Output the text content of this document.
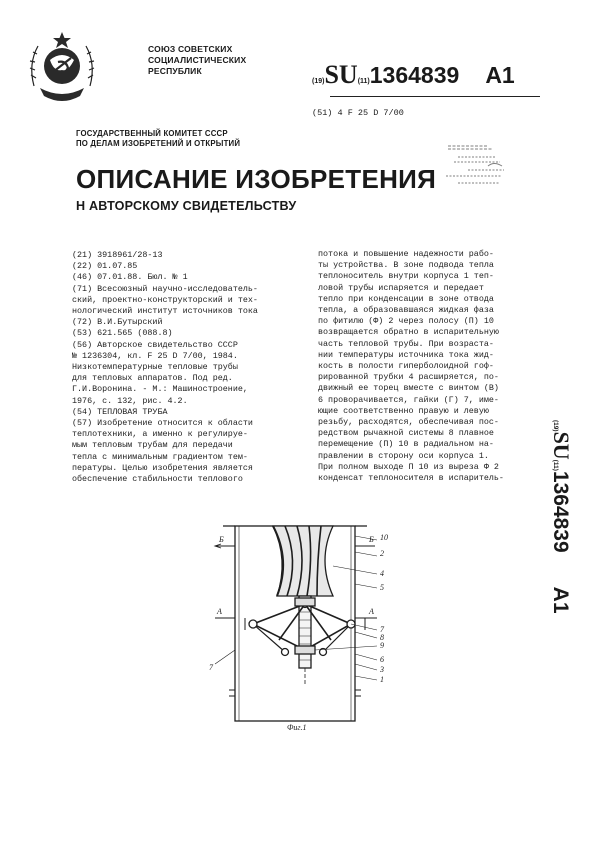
СОЮЗ СОВЕТСКИХ
СОЦИАЛИСТИЧЕСКИХ
РЕСПУБЛИК
(19) SU (11) 1364839 A1
(51) 4 F 25 D 7/00
ГОСУДАРСТВЕННЫЙ КОМИТЕТ СССР
ПО ДЕЛАМ ИЗОБРЕТЕНИЙ И ОТКРЫТИЙ
ОПИСАНИЕ ИЗОБРЕТЕНИЯ
Н АВТОРСКОМУ СВИДЕТЕЛЬСТВУ
(21) 3918961/28-13
(22) 01.07.85
(46) 07.01.88. Бюл. № 1
(71) Всесоюзный научно-исследователь-
ский, проектно-конструкторский и тех-
нологический институт источников тока
(72) В.И.Бутырский
(53) 621.565 (088.8)
(56) Авторское свидетельство СССР
№ 1236304, кл. F 25 D 7/00, 1984.
Низкотемпературные тепловые трубы
для тепловых аппаратов. Под ред.
Г.И.Воронина. - М.: Машиностроение,
1976, с. 132, рис. 4.2.
(54) ТЕПЛОВАЯ ТРУБА
(57) Изобретение относится к области
теплотехники, а именно к регулируе-
мым тепловым трубам для передачи
тепла с минимальным градиентом тем-
пературы. Целью изобретения является
обеспечение стабильности теплового
потока и повышение надежности рабо-
ты устройства. В зоне подвода тепла
теплоноситель внутри корпуса 1 теп-
ловой трубы испаряется и передает
тепло при конденсации в зоне отвода
тепла, а образовавшаяся жидкая фаза
по фитилю (Ф) 2 через полосу (П) 10
возвращается обратно в испарительную
часть тепловой трубы. При возраста-
нии температуры источника тока жид-
кость в полости гиперболоидной гоф-
рированной трубки 4 расширяется, по-
движный ее торец вместе с винтом (В)
6 проворачивается, гайки (Г) 7, име-
ющие соответственно правую и левую
резьбу, расходятся, обеспечивая пос-
редством рычажной системы 8 плавное
перемещение (П) 10 в радиальном на-
правлении в сторону оси корпуса 1.
При полном выходе П 10 из выреза Ф 2
конденсат теплоносителя в испаритель-
(19)
SU
(11)
1364839
A1
Б	Б
А	А
10
2
4
5
7
8
9
6
3
1
7
Фиг.1
